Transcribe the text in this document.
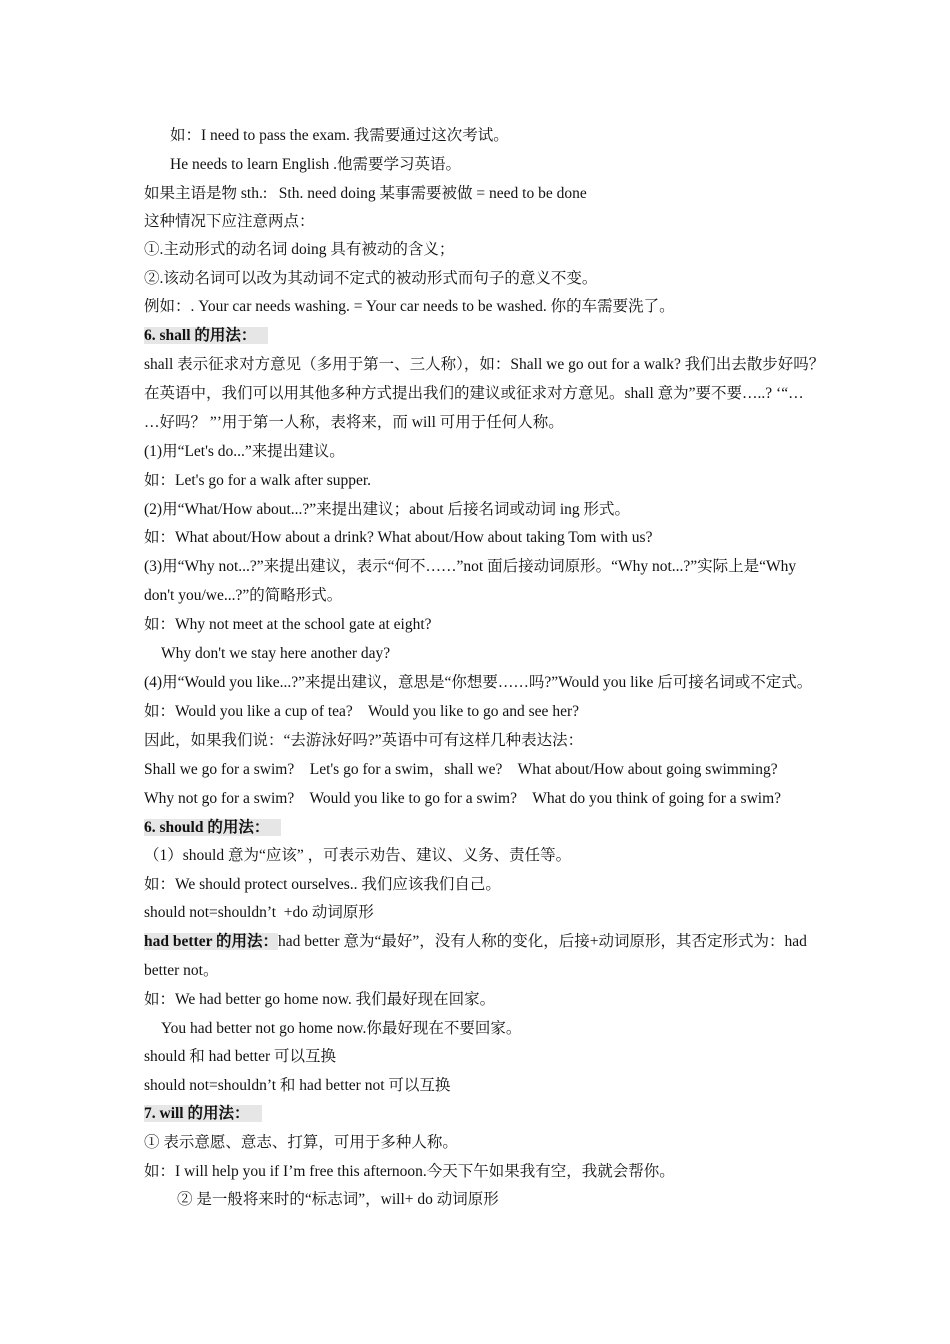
如：I need to pass the exam. 我需要通过这次考试。
He needs to learn English .他需要学习英语。
如果主语是物 sth.:   Sth. need doing 某事需要被做 = need to be done
这种情况下应注意两点：
①.主动形式的动名词 doing 具有被动的含义；
②.该动名词可以改为其动词不定式的被动形式而句子的意义不变。
例如：. Your car needs washing. = Your car needs to be washed. 你的车需要洗了。
6. shall 的用法：
shall 表示征求对方意见（多用于第一、三人称），如：Shall we go out for a walk? 我们出去散步好吗？
在英语中，我们可以用其他多种方式提出我们的建议或征求对方意见。shall 意为”要不要…..? ‘“…
…好吗？ ”’用于第一人称，表将来，而 will 可用于任何人称。
(1)用“Let's do...”来提出建议。
如：Let's go for a walk after supper.
(2)用“What/How about...?”来提出建议；about 后接名词或动词 ing 形式。
如：What about/How about a drink? What about/How about taking Tom with us?
(3)用“Why not...?”来提出建议，表示“何不……”not 面后接动词原形。“Why not...?”实际上是“Why
don't you/we...?”的简略形式。
如：Why not meet at the school gate at eight?
Why don't we stay here another day?
(4)用“Would you like...?”来提出建议，意思是“你想要……吗?”Would you like 后可接名词或不定式。
如：Would you like a cup of tea?    Would you like to go and see her?
因此，如果我们说：“去游泳好吗?”英语中可有这样几种表达法：
Shall we go for a swim?    Let's go for a swim，shall we?    What about/How about going swimming?
Why not go for a swim?    Would you like to go for a swim?    What do you think of going for a swim?
6. should 的用法：
（1）should 意为“应该” ，可表示劝告、建议、义务、责任等。
如：We should protect ourselves.. 我们应该我们自己。
should not=shouldn’t  +do 动词原形
had better 的用法：had better 意为“最好”，没有人称的变化，后接+动词原形，其否定形式为：had
better not。
如：We had better go home now. 我们最好现在回家。
You had better not go home now.你最好现在不要回家。
should 和 had better 可以互换
should not=shouldn’t 和 had better not 可以互换
7. will 的用法：
① 表示意愿、意志、打算，可用于多种人称。
如：I will help you if I’m free this afternoon.今天下午如果我有空，我就会帮你。
② 是一般将来时的“标志词”，will+ do 动词原形
